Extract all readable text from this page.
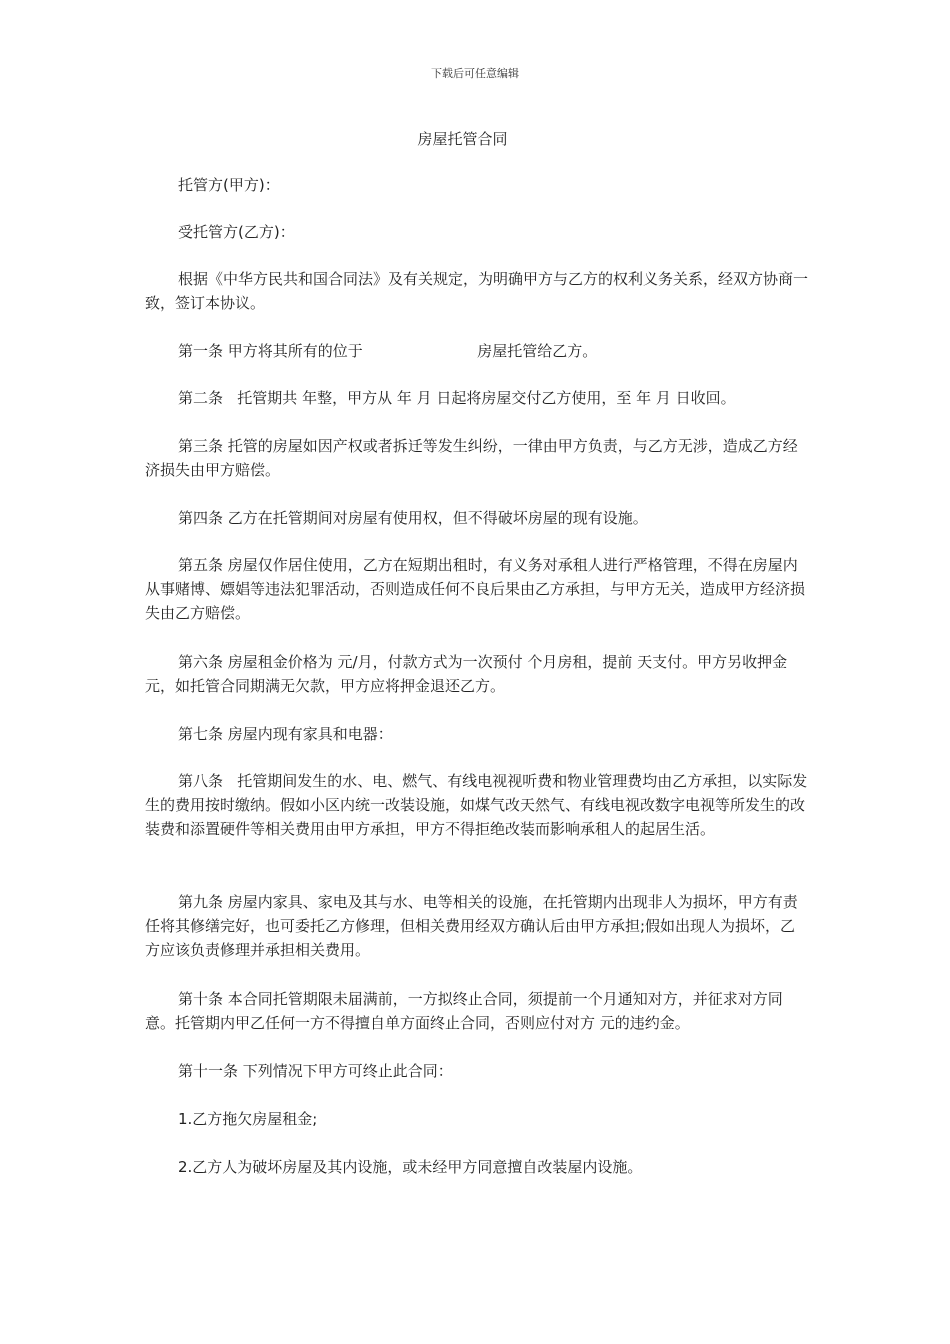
下载后可任意编辑
房屋托管合同
托管方(甲方)：
受托管方(乙方)：
根据《中华方民共和国合同法》及有关规定，为明确甲方与乙方的权利义务关系，经双方协商一致，签订本协议。
第一条 甲方将其所有的位于                        房屋托管给乙方。
第二条   托管期共 年整，甲方从 年 月 日起将房屋交付乙方使用，至 年 月 日收回。
第三条 托管的房屋如因产权或者拆迁等发生纠纷，一律由甲方负责，与乙方无涉，造成乙方经济损失由甲方赔偿。
第四条 乙方在托管期间对房屋有使用权，但不得破坏房屋的现有设施。
第五条 房屋仅作居住使用，乙方在短期出租时，有义务对承租人进行严格管理，不得在房屋内从事赌博、嫖娼等违法犯罪活动，否则造成任何不良后果由乙方承担，与甲方无关，造成甲方经济损失由乙方赔偿。
第六条 房屋租金价格为 元/月，付款方式为一次预付 个月房租，提前 天支付。甲方另收押金 元，如托管合同期满无欠款，甲方应将押金退还乙方。
第七条 房屋内现有家具和电器：
第八条   托管期间发生的水、电、燃气、有线电视视听费和物业管理费均由乙方承担，以实际发生的费用按时缴纳。假如小区内统一改装设施，如煤气改天然气、有线电视改数字电视等所发生的改装费和添置硬件等相关费用由甲方承担，甲方不得拒绝改装而影响承租人的起居生活。
第九条 房屋内家具、家电及其与水、电等相关的设施，在托管期内出现非人为损坏，甲方有责任将其修缮完好，也可委托乙方修理，但相关费用经双方确认后由甲方承担;假如出现人为损坏，乙方应该负责修理并承担相关费用。
第十条 本合同托管期限未届满前，一方拟终止合同，须提前一个月通知对方，并征求对方同意。托管期内甲乙任何一方不得擅自单方面终止合同，否则应付对方 元的违约金。
第十一条 下列情况下甲方可终止此合同：
1.乙方拖欠房屋租金;
2.乙方人为破坏房屋及其内设施，或未经甲方同意擅自改装屋内设施。
